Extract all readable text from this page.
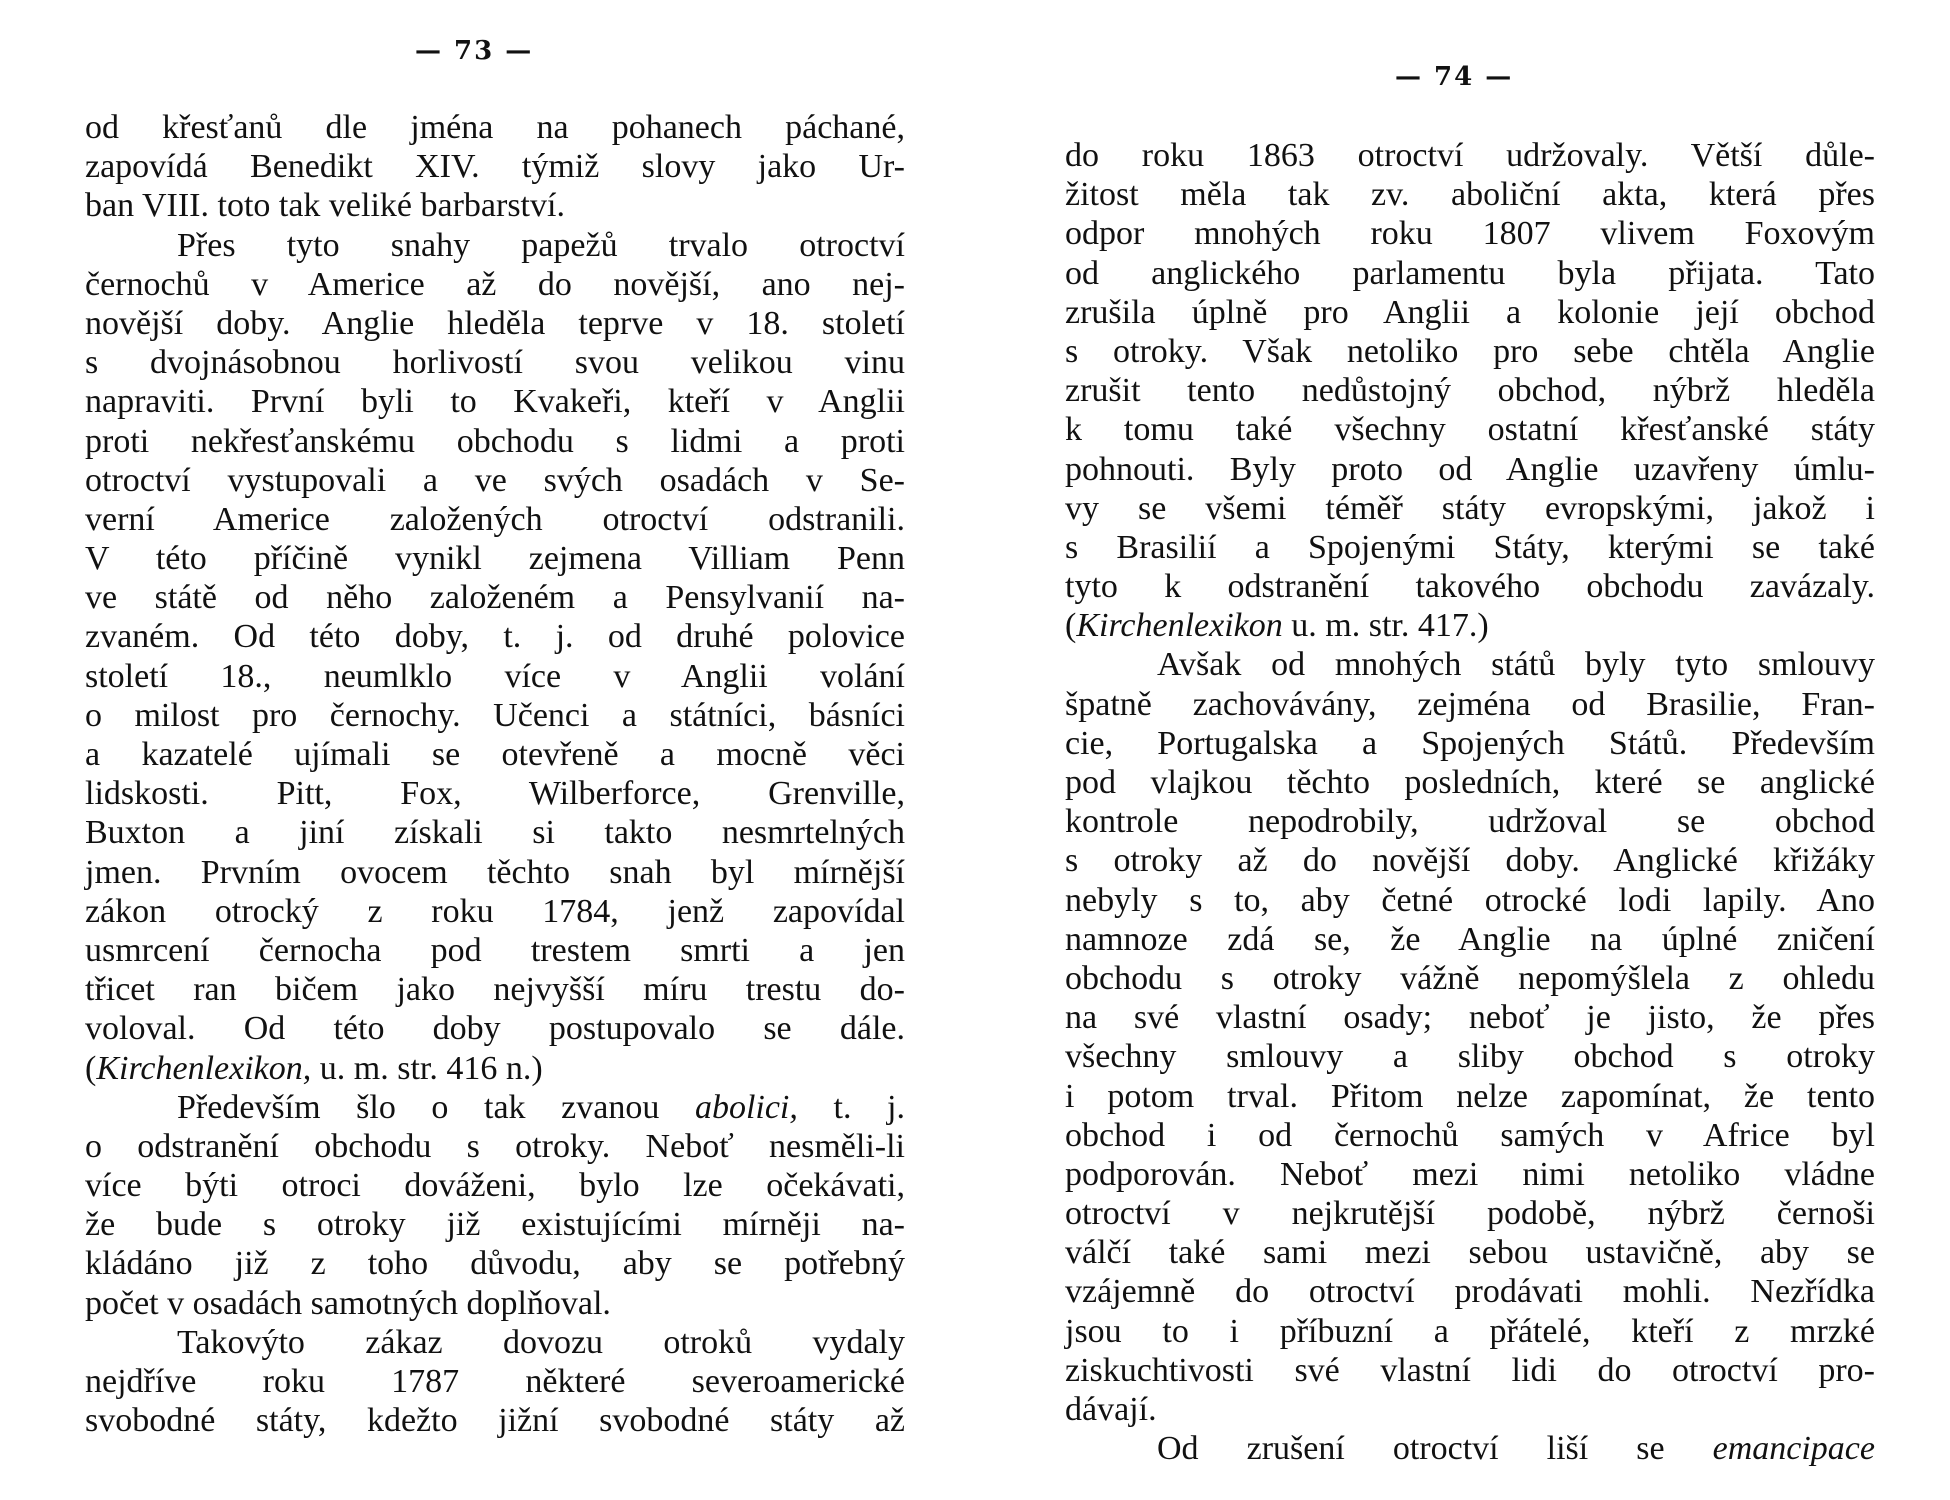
— 73 —
od křesťanů dle jména na pohanech páchané,
zapovídá Benedikt XIV. týmiž slovy jako Ur-
ban VIII. toto tak veliké barbarství.
Přes tyto snahy papežů trvalo otroctví
černochů v Americe až do novější, ano nej-
novější doby. Anglie hleděla teprve v 18. století
s dvojnásobnou horlivostí svou velikou vinu
napraviti. První byli to Kvakeři, kteří v Anglii
proti nekřesťanskému obchodu s lidmi a proti
otroctví vystupovali a ve svých osadách v Se-
verní Americe založených otroctví odstranili.
V této příčině vynikl zejmena Villiam Penn
ve státě od něho založeném a Pensylvanií na-
zvaném. Od této doby, t. j. od druhé polovice
století 18., neumlklo více v Anglii volání
o milost pro černochy. Učenci a státníci, básníci
a kazatelé ujímali se otevřeně a mocně věci
lidskosti. Pitt, Fox, Wilberforce, Grenville,
Buxton a jiní získali si takto nesmrtelných
jmen. Prvním ovocem těchto snah byl mírnější
zákon otrocký z roku 1784, jenž zapovídal
usmrcení černocha pod trestem smrti a jen
třicet ran bičem jako nejvyšší míru trestu do-
voloval. Od této doby postupovalo se dále.
(Kirchenlexikon, u. m. str. 416 n.)
Především šlo o tak zvanou abolici, t. j.
o odstranění obchodu s otroky. Neboť nesměli-li
více býti otroci dováženi, bylo lze očekávati,
že bude s otroky již existujícími mírněji na-
kládáno již z toho důvodu, aby se potřebný
počet v osadách samotných doplňoval.
Takovýto zákaz dovozu otroků vydaly
nejdříve roku 1787 některé severoamerické
svobodné státy, kdežto jižní svobodné státy až
— 74 —
do roku 1863 otroctví udržovaly. Větší důle-
žitost měla tak zv. aboliční akta, která přes
odpor mnohých roku 1807 vlivem Foxovým
od anglického parlamentu byla přijata. Tato
zrušila úplně pro Anglii a kolonie její obchod
s otroky. Však netoliko pro sebe chtěla Anglie
zrušit tento nedůstojný obchod, nýbrž hleděla
k tomu také všechny ostatní křesťanské státy
pohnouti. Byly proto od Anglie uzavřeny úmlu-
vy se všemi téměř státy evropskými, jakož i
s Brasilií a Spojenými Státy, kterými se také
tyto k odstranění takového obchodu zavázaly.
(Kirchenlexikon u. m. str. 417.)
Avšak od mnohých států byly tyto smlouvy
špatně zachovávány, zejména od Brasilie, Fran-
cie, Portugalska a Spojených Států. Především
pod vlajkou těchto posledních, které se anglické
kontrole nepodrobily, udržoval se obchod
s otroky až do novější doby. Anglické křižáky
nebyly s to, aby četné otrocké lodi lapily. Ano
namnoze zdá se, že Anglie na úplné zničení
obchodu s otroky vážně nepomýšlela z ohledu
na své vlastní osady; neboť je jisto, že přes
všechny smlouvy a sliby obchod s otroky
i potom trval. Přitom nelze zapomínat, že tento
obchod i od černochů samých v Africe byl
podporován. Neboť mezi nimi netoliko vládne
otroctví v nejkrutější podobě, nýbrž černoši
válčí také sami mezi sebou ustavičně, aby se
vzájemně do otroctví prodávati mohli. Nezřídka
jsou to i příbuzní a přátelé, kteří z mrzké
ziskuchtivosti své vlastní lidi do otroctví pro-
dávají.
Od zrušení otroctví liší se emancipace
